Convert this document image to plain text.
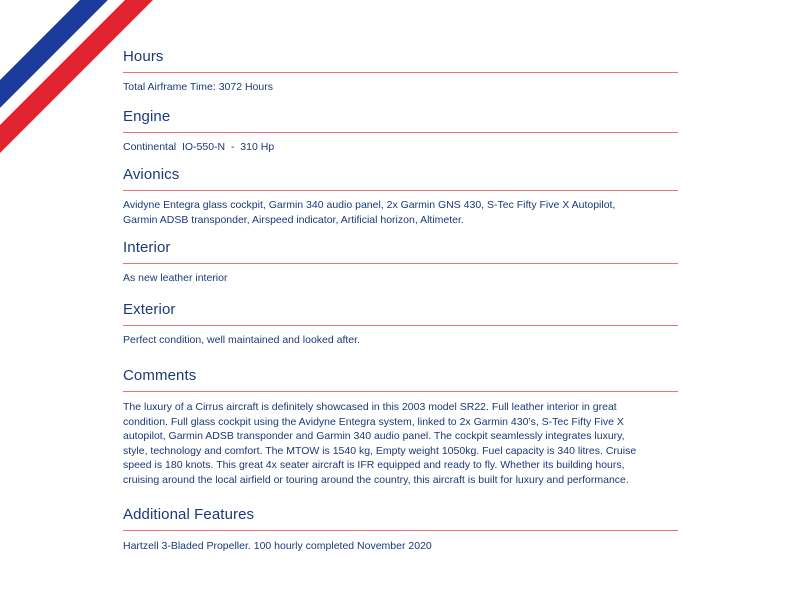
Hours

Total Airframe Time: 3072 Hours

Engine

Continental  IO-550-N  -  310 Hp

Avionics

Avidyne Entegra glass cockpit, Garmin 340 audio panel, 2x Garmin GNS 430, S-Tec Fifty Five X Autopilot,
Garmin ADSB transponder, Airspeed indicator, Artificial horizon, Altimeter.

Interior

As new leather interior

Exterior

Perfect condition, well maintained and looked after.

Comments

The luxury of a Cirrus aircraft is definitely showcased in this 2003 model SR22. Full leather interior in great
condition. Full glass cockpit using the Avidyne Entegra system, linked to 2x Garmin 430’s, S-Tec Fifty Five X
autopilot, Garmin ADSB transponder and Garmin 340 audio panel. The cockpit seamlessly integrates luxury,
style, technology and comfort. The MTOW is 1540 kg, Empty weight 1050kg. Fuel capacity is 340 litres. Cruise
speed is 180 knots. This great 4x seater aircraft is IFR equipped and ready to fly. Whether its building hours,
cruising around the local airfield or touring around the country, this aircraft is built for luxury and performance.

Additional Features

Hartzell 3-Bladed Propeller. 100 hourly completed November 2020
